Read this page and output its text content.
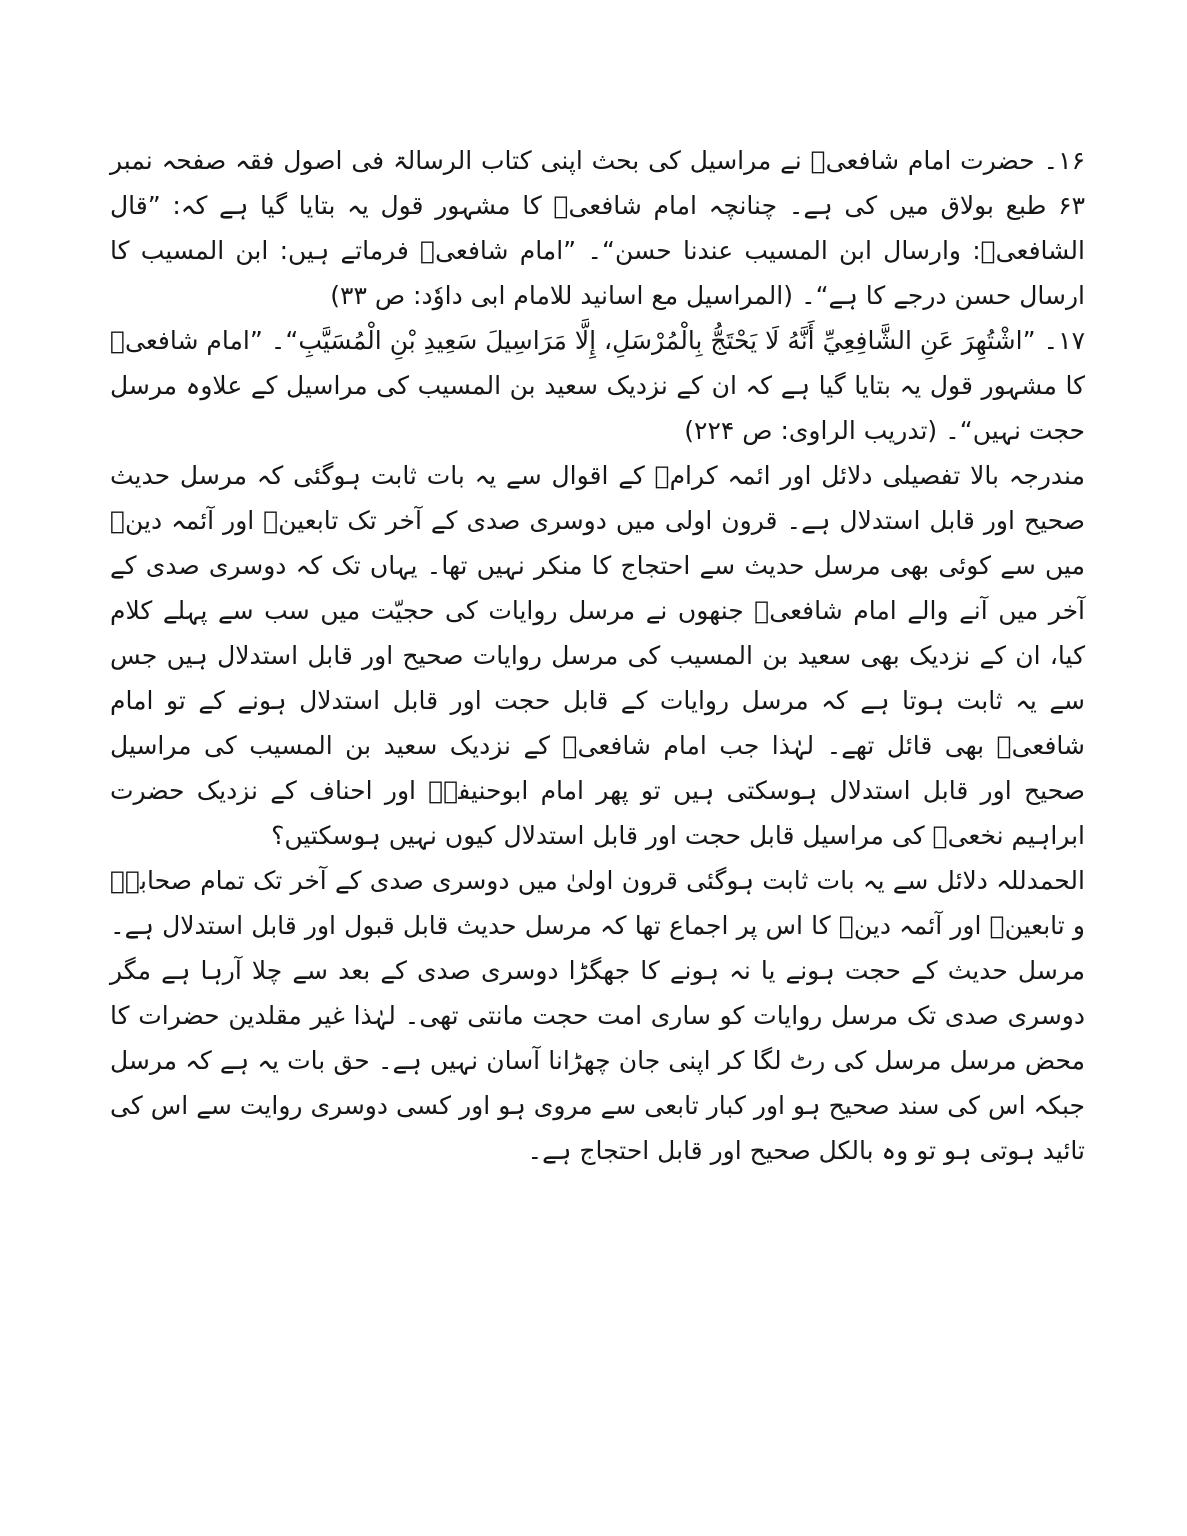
۱۶۔ حضرت امام شافعیؒ نے مراسیل کی بحث اپنی کتاب الرسالۃ فی اصول فقہ صفحہ نمبر ۶۳ طبع بولاق میں کی ہے۔ چنانچہ امام شافعیؒ کا مشہور قول یہ بتایا گیا ہے کہ: ”قال الشافعیؒ: وارسال ابن المسیب عندنا حسن“۔ ”امام شافعیؒ فرماتے ہیں: ابن المسیب کا ارسال حسن درجے کا ہے“۔ (المراسیل مع اسانید للامام ابی داوٗد: ص ۳۳)

۱۷۔ ”اشْتُهِرَ عَنِ الشَّافِعِيِّ أَنَّهُ لَا يَحْتَجُّ بِالْمُرْسَلِ، إِلَّا مَرَاسِيلَ سَعِيدِ بْنِ الْمُسَيَّبِ“۔ ”امام شافعیؒ کا مشہور قول یہ بتایا گیا ہے کہ ان کے نزدیک سعید بن المسیب کی مراسیل کے علاوہ مرسل حجت نہیں“۔ (تدریب الراوی: ص ۲۲۴)

مندرجہ بالا تفصیلی دلائل اور ائمہ کرامؒ کے اقوال سے یہ بات ثابت ہوگئی کہ مرسل حدیث صحیح اور قابل استدلال ہے۔ قرون اولی میں دوسری صدی کے آخر تک تابعینؒ اور آئمہ دینؒ میں سے کوئی بھی مرسل حدیث سے احتجاج کا منکر نہیں تھا۔ یہاں تک کہ دوسری صدی کے آخر میں آنے والے امام شافعیؒ جنھوں نے مرسل روایات کی حجیّت میں سب سے پہلے کلام کیا، ان کے نزدیک بھی سعید بن المسیب کی مرسل روایات صحیح اور قابل استدلال ہیں جس سے یہ ثابت ہوتا ہے کہ مرسل روایات کے قابل حجت اور قابل استدلال ہونے کے تو امام شافعیؒ بھی قائل تھے۔ لہٰذا جب امام شافعیؒ کے نزدیک سعید بن المسیب کی مراسیل صحیح اور قابل استدلال ہوسکتی ہیں تو پھر امام ابوحنیفہؒ اور احناف کے نزدیک حضرت ابراہیم نخعیؒ کی مراسیل قابل حجت اور قابل استدلال کیوں نہیں ہوسکتیں؟

الحمدللہ دلائل سے یہ بات ثابت ہوگئی قرون اولیٰ میں دوسری صدی کے آخر تک تمام صحابہؓ و تابعینؒ اور آئمہ دینؒ کا اس پر اجماع تھا کہ مرسل حدیث قابل قبول اور قابل استدلال ہے۔ مرسل حدیث کے حجت ہونے یا نہ ہونے کا جھگڑا دوسری صدی کے بعد سے چلا آرہا ہے مگر دوسری صدی تک مرسل روایات کو ساری امت حجت مانتی تھی۔ لہٰذا غیر مقلدین حضرات کا محض مرسل مرسل کی رٹ لگا کر اپنی جان چھڑانا آسان نہیں ہے۔ حق بات یہ ہے کہ مرسل جبکہ اس کی سند صحیح ہو اور کبار تابعی سے مروی ہو اور کسی دوسری روایت سے اس کی تائید ہوتی ہو تو وہ بالکل صحیح اور قابل احتجاج ہے۔
